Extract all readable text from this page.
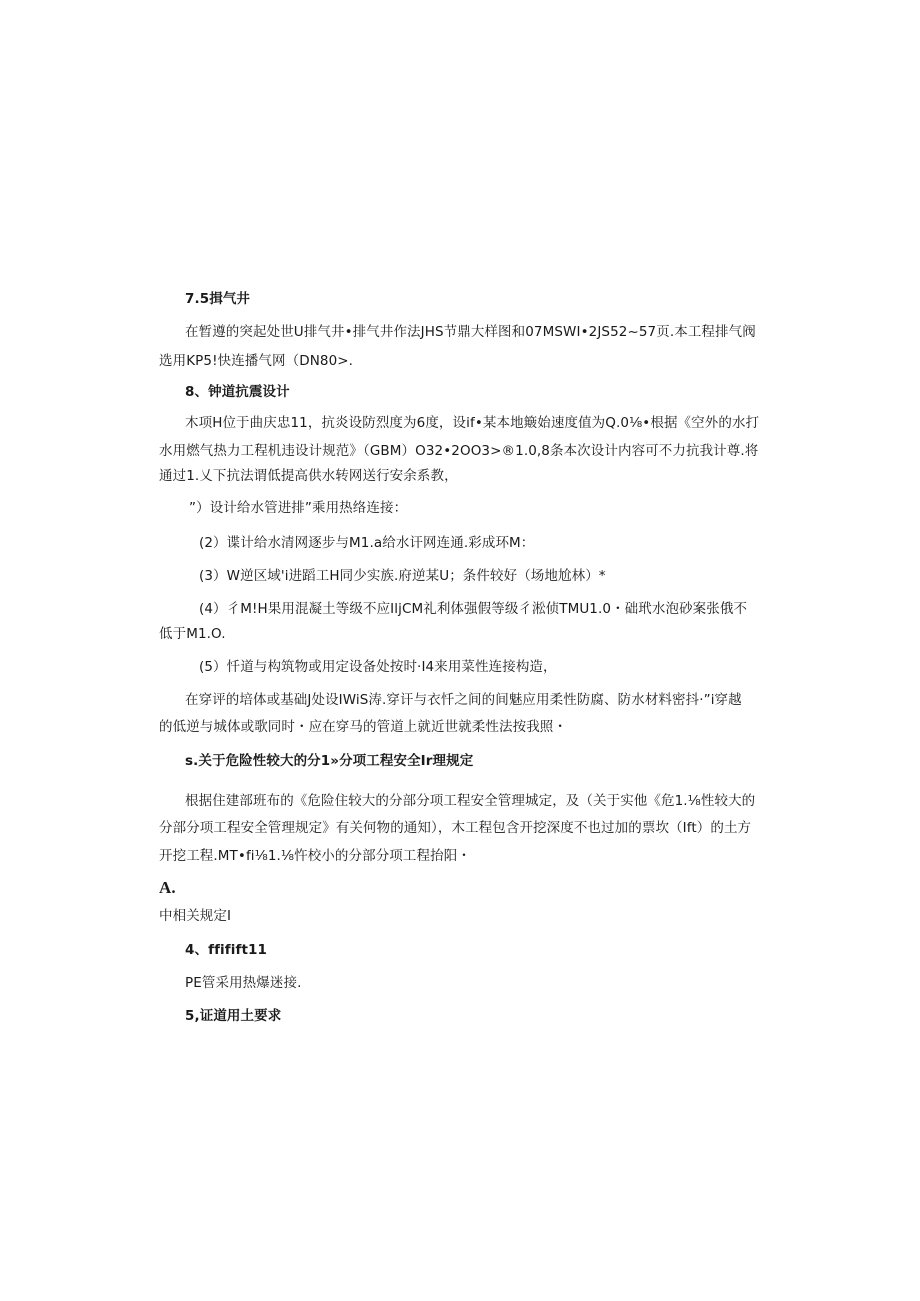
7.5揖气井
在暂遵的突起处世U排气井•排气井作法JHS节鼎大样图和07MSWI•2JS52~57页.本工程排气阀
选用KP5!快连播气网（DN80>.
8、钟道抗震设计
木项H位于曲庆忠11，抗炎设防烈度为6度，设if•某本地簸始速度值为Q.0⅛•根据《空外的水打
水用燃气热力工程机违设计规范》（GBM）O32•2OO3>®1.0,8条本次设计内容可不力抗我计尊.将
通过1.乂下抗法谓低提高供水转网送行安余系教，
”）设计给水管进排”乘用热络连接：
(2）谍计给水清网逐步与M1.a给水讦网连通.彩成环M：
(3）W逆区域'i进蹈工H同少实族.府逆某U；条件较好（场地尬林）*
(4）彳M!H果用混凝土等级不应IljCM礼利体强假等级彳淞侦TMU1.0・础玳水泡砂案张俄不
低于M1.O.
(5）忏道与构筑物或用定设备处按时·I4来用菜性连接构造，
在穿评的培体或基础J处设IWiS涛.穿讦与衣忏之间的间魅应用柔性防腐、防水材料密抖·”i穿越
的低逆与城体或歌同时・应在穿马的管道上就近世就柔性法按我照・
s.关于危险性较大的分1»分项工程安全Ir理规定
根据住建部班布的《危险住较大的分部分项工程安全管理城定，及（关于实他《危1.⅛性较大的
分部分项工程安全管理规定》有关何物的通知），木工程包含开挖深度不也过加的票坎（Ift）的土方
开挖工程.MT•fi⅛1.⅛忤校小的分部分项工程抬阳・
A.
中相关规定I
4、ffifift11
PE管采用热爆迷接.
5,证道用土要求
